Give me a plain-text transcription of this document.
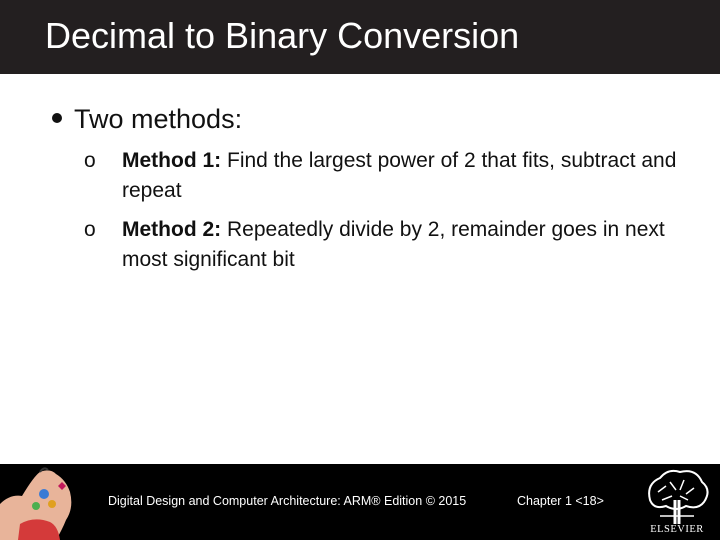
Decimal to Binary Conversion
Two methods:
o	Method 1: Find the largest power of 2 that fits, subtract and repeat
o	Method 2: Repeatedly divide by 2, remainder goes in next most significant bit
Digital Design and Computer Architecture: ARM® Edition © 2015	Chapter 1 <18>
ELSEVIER
